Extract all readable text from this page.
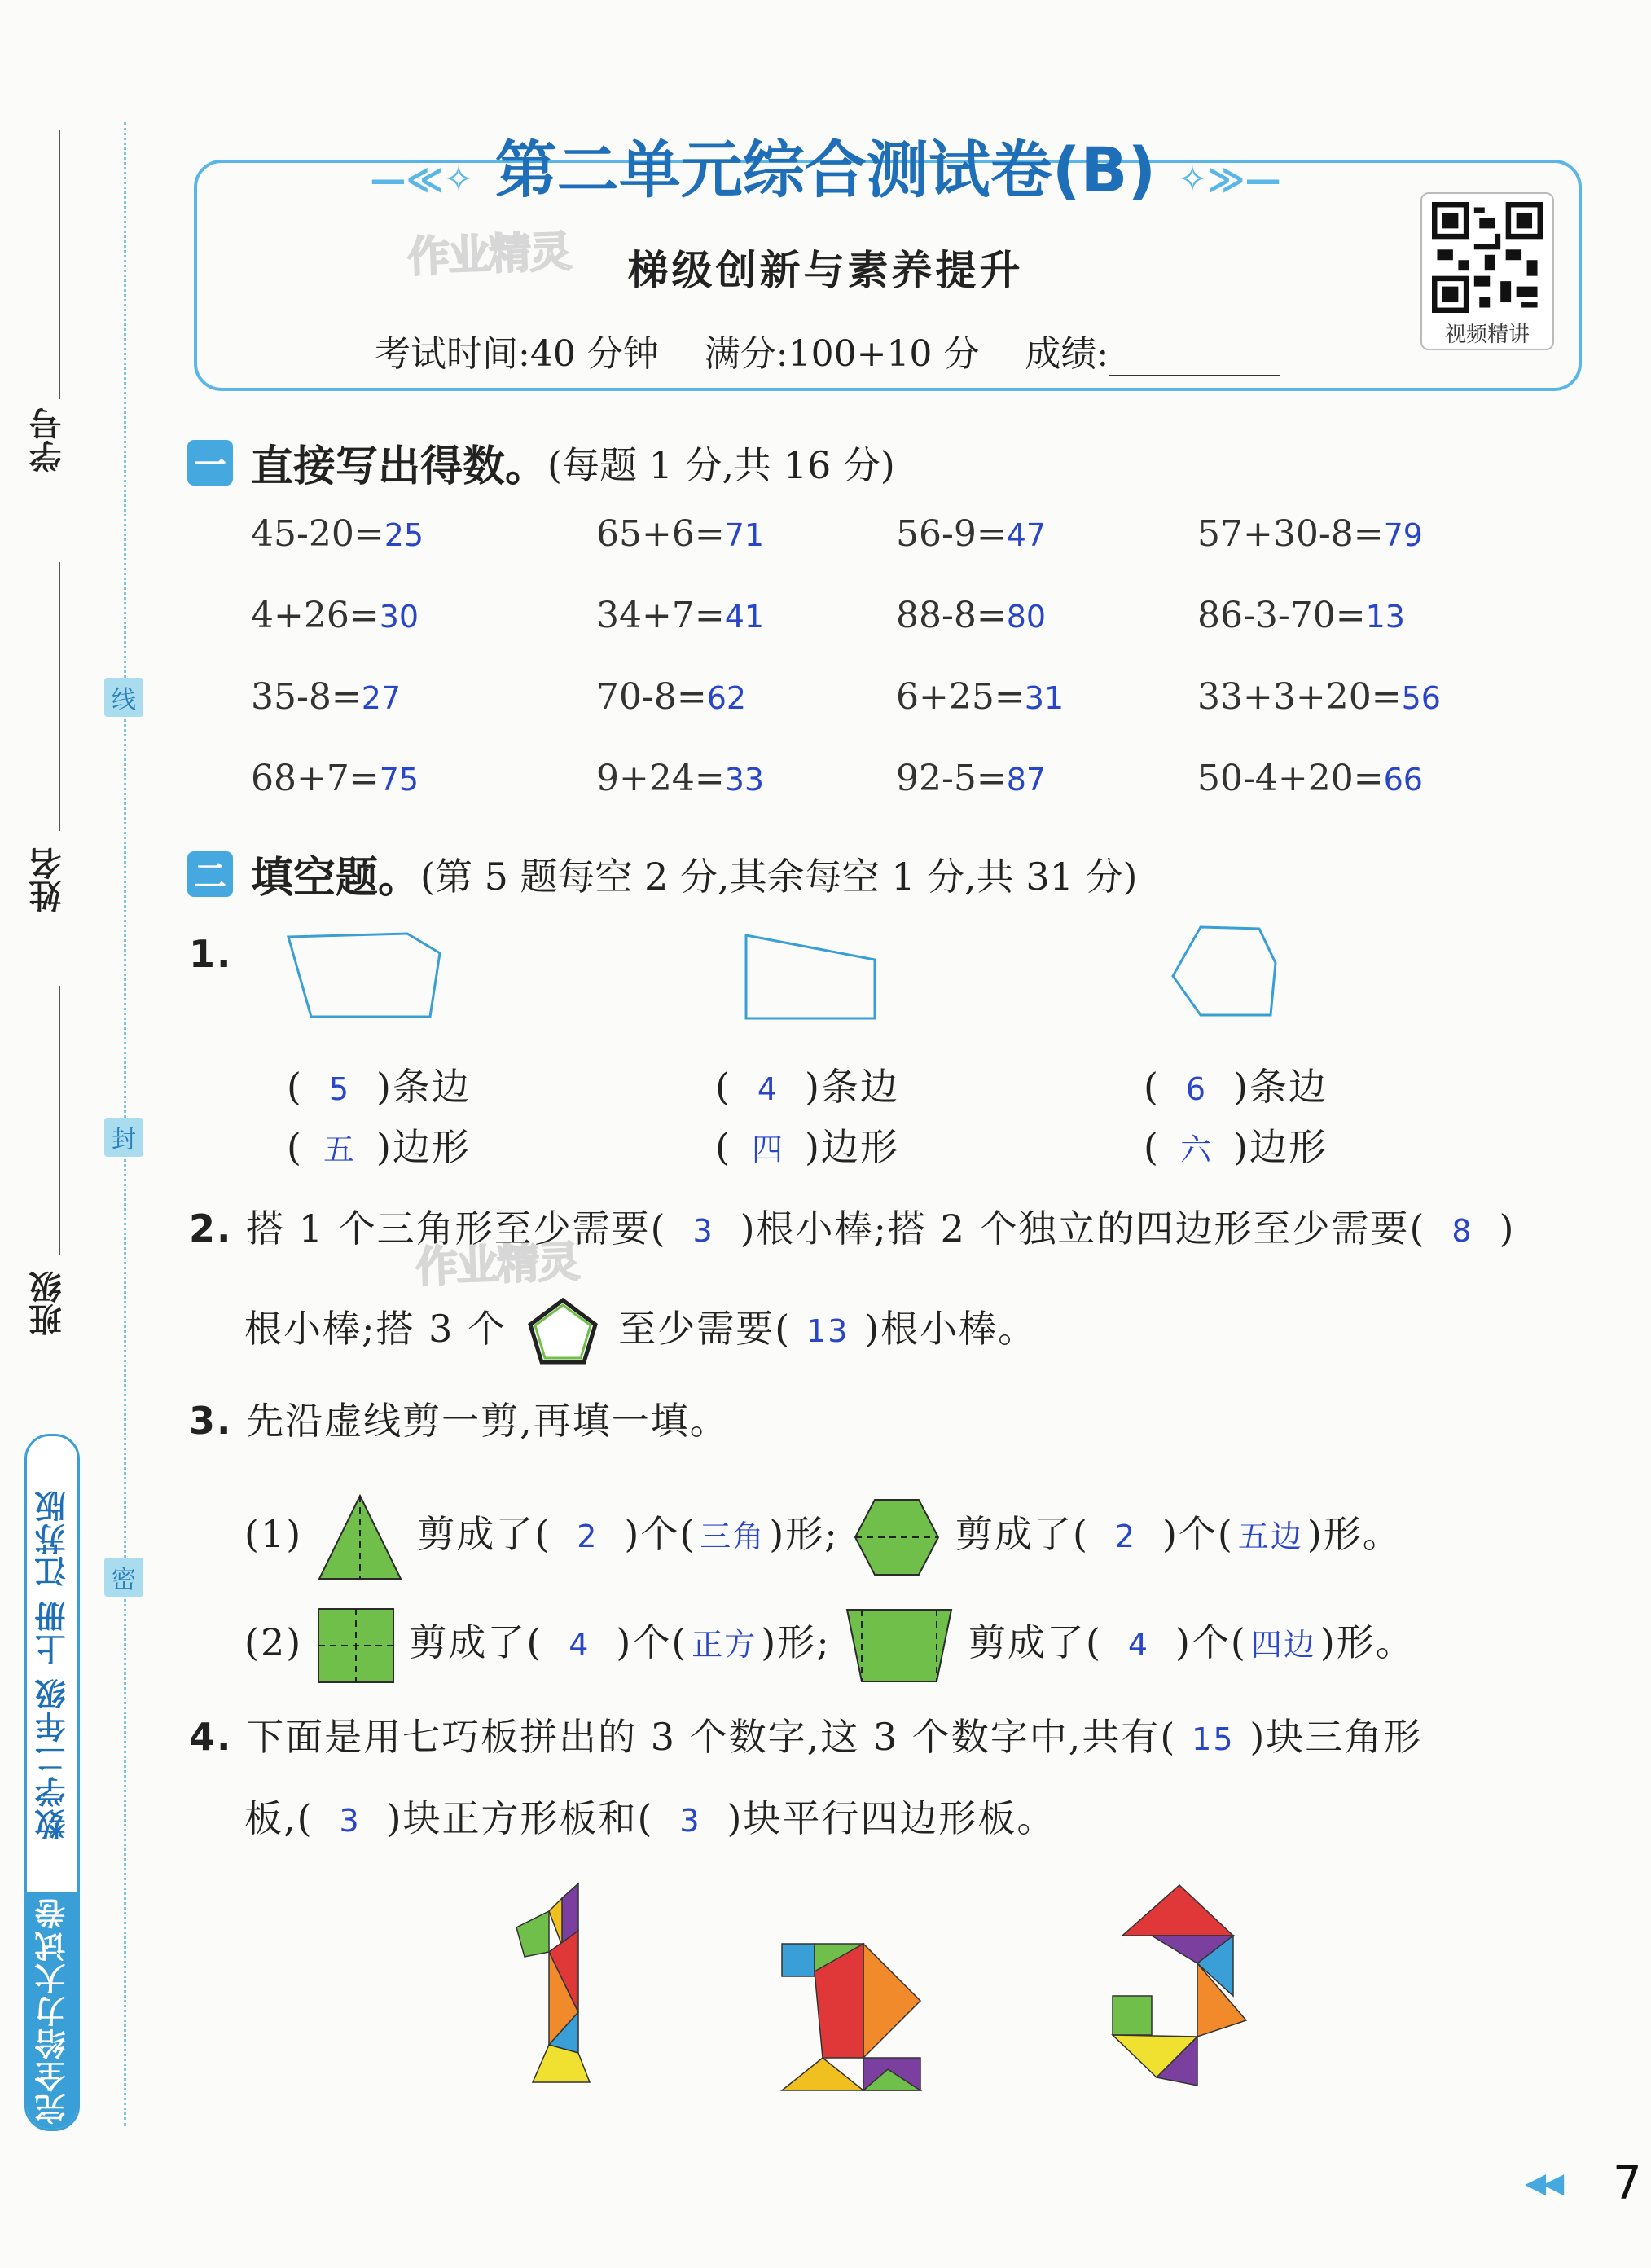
学号
姓名
班级
线
封
密
数学二年级 上册 江苏版
完全给力大试卷
—≪✧ 第二单元综合测试卷(B) ✧≫—
作业精灵	梯级创新与素养提升
考试时间:40 分钟 满分:100+10 分 成绩:	视频精讲
一 直接写出得数。 (每题 1 分,共 16 分)
45-20=25	65+6=71	56-9=47	57+30-8=79
4+26=30	34+7=41	88-8=80	86-3-70=13
35-8=27	70-8=62	6+25=31	33+3+20=56
68+7=75	9+24=33	92-5=87	50-4+20=66
二 填空题。 (第 5 题每空 2 分,其余每空 1 分,共 31 分)
1.
( 5 )条边
( 五 )边形
( 4 )条边
( 四 )边形
( 6 )条边
( 六 )边形
作业精灵
2. 搭 1 个三角形至少需要( 3 )根小棒;搭 2 个独立的四边形至少需要( 8 )
根小棒;搭 3 个	至少需要( 13 )根小棒。
3. 先沿虚线剪一剪,再填一填。
(1)	剪成了( 2 )个( 三角 )形;	剪成了( 2 )个( 五边 )形。
(2)	剪成了( 4 )个( 正方 )形;	剪成了( 4 )个( 四边 )形。
4. 下面是用七巧板拼出的 3 个数字,这 3 个数字中,共有( 15 )块三角形
板,( 3 )块正方形板和( 3 )块平行四边形板。
◀◀ 7
